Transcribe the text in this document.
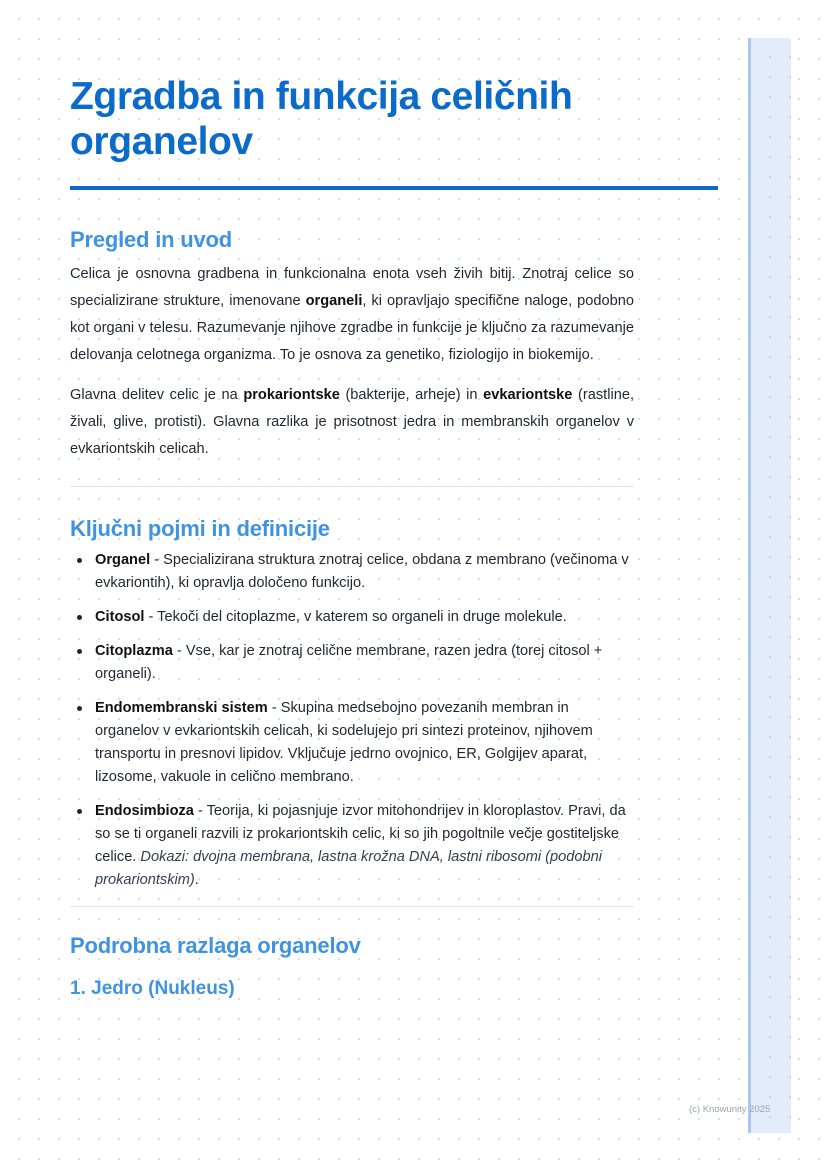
Zgradba in funkcija celičnih organelov
Pregled in uvod

Celica je osnovna gradbena in funkcionalna enota vseh živih bitij. Znotraj celice so specializirane strukture, imenovane organeli, ki opravljajo specifične naloge, podobno kot organi v telesu. Razumevanje njihove zgradbe in funkcije je ključno za razumevanje delovanja celotnega organizma. To je osnova za genetiko, fiziologijo in biokemijo.

Glavna delitev celic je na prokariontske (bakterije, arheje) in evkariontske (rastline, živali, glive, protisti). Glavna razlika je prisotnost jedra in membranskih organelov v evkariontskih celicah.

Ključni pojmi in definicije
Organel - Specializirana struktura znotraj celice, obdana z membrano (večinoma v evkariontih), ki opravlja določeno funkcijo.
Citosol - Tekoči del citoplazme, v katerem so organeli in druge molekule.
Citoplazma - Vse, kar je znotraj celične membrane, razen jedra (torej citosol + organeli).
Endomembranski sistem - Skupina medsebojno povezanih membran in organelov v evkariontskih celicah, ki sodelujejo pri sintezi proteinov, njihovem transportu in presnovi lipidov. Vključuje jedrno ovojnico, ER, Golgijev aparat, lizosome, vakuole in celično membrano.
Endosimbioza - Teorija, ki pojasnjuje izvor mitohondrijev in kloroplastov. Pravi, da so se ti organeli razvili iz prokariontskih celic, ki so jih pogoltnile večje gostiteljske celice. Dokazi: dvojna membrana, lastna krožna DNA, lastni ribosomi (podobni prokariontskim).
Podrobna razlaga organelov
1. Jedro (Nukleus)
(c) Knowunity 2025
